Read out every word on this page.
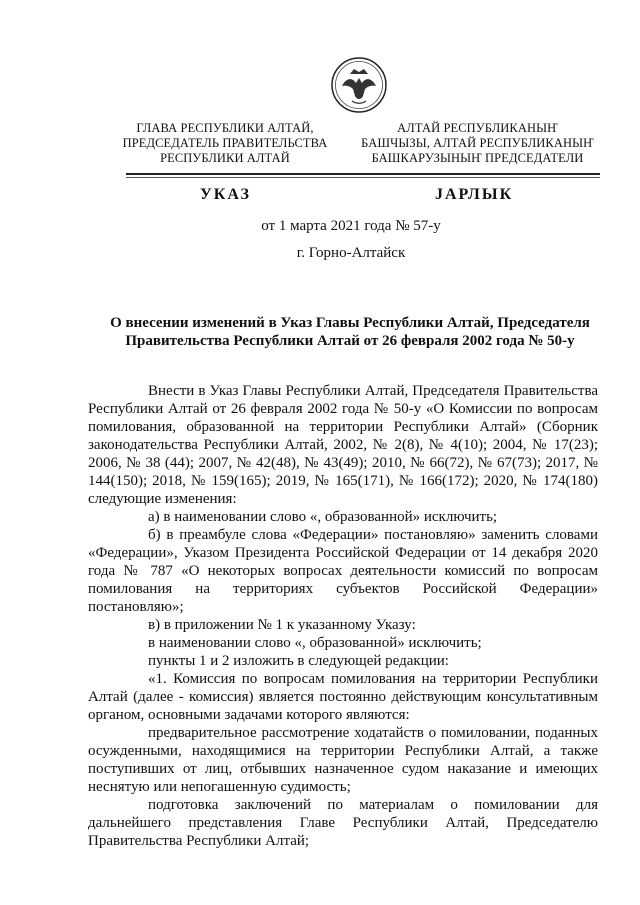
ГЛАВА РЕСПУБЛИКИ АЛТАЙ,
ПРЕДСЕДАТЕЛЬ ПРАВИТЕЛЬСТВА
РЕСПУБЛИКИ АЛТАЙ
АЛТАЙ РЕСПУБЛИКАНЫҤ
БАШЧЫЗЫ, АЛТАЙ РЕСПУБЛИКАНЫҤ
БАШКАРУЗЫНЫҤ ПРЕДСЕДАТЕЛИ
УКАЗ	ЈАРЛЫК
от 1 марта 2021 года № 57-у
г. Горно-Алтайск
О внесении изменений в Указ Главы Республики Алтай, Председателя
Правительства Республики Алтай от 26 февраля 2002 года № 50-у

Внести в Указ Главы Республики Алтай, Председателя Правительства Республики Алтай от 26 февраля 2002 года № 50-у «О Комиссии по вопросам помилования, образованной на территории Республики Алтай» (Сборник законодательства Республики Алтай, 2002, № 2(8), № 4(10); 2004, № 17(23); 2006, № 38 (44); 2007, № 42(48), № 43(49); 2010, № 66(72), № 67(73); 2017, № 144(150); 2018, № 159(165); 2019, № 165(171), № 166(172); 2020, № 174(180) следующие изменения:

а) в наименовании слово «, образованной» исключить;

б) в преамбуле слова «Федерации» постановляю» заменить словами «Федерации», Указом Президента Российской Федерации от 14 декабря 2020 года № 787 «О некоторых вопросах деятельности комиссий по вопросам помилования на территориях субъектов Российской Федерации» постановляю»;

в) в приложении № 1 к указанному Указу:

в наименовании слово «, образованной» исключить;

пункты 1 и 2 изложить в следующей редакции:

«1. Комиссия по вопросам помилования на территории Республики Алтай (далее - комиссия) является постоянно действующим консультативным органом, основными задачами которого являются:

предварительное рассмотрение ходатайств о помиловании, поданных осужденными, находящимися на территории Республики Алтай, а также поступивших от лиц, отбывших назначенное судом наказание и имеющих неснятую или непогашенную судимость;

подготовка заключений по материалам о помиловании для дальнейшего представления Главе Республики Алтай, Председателю Правительства Республики Алтай;
